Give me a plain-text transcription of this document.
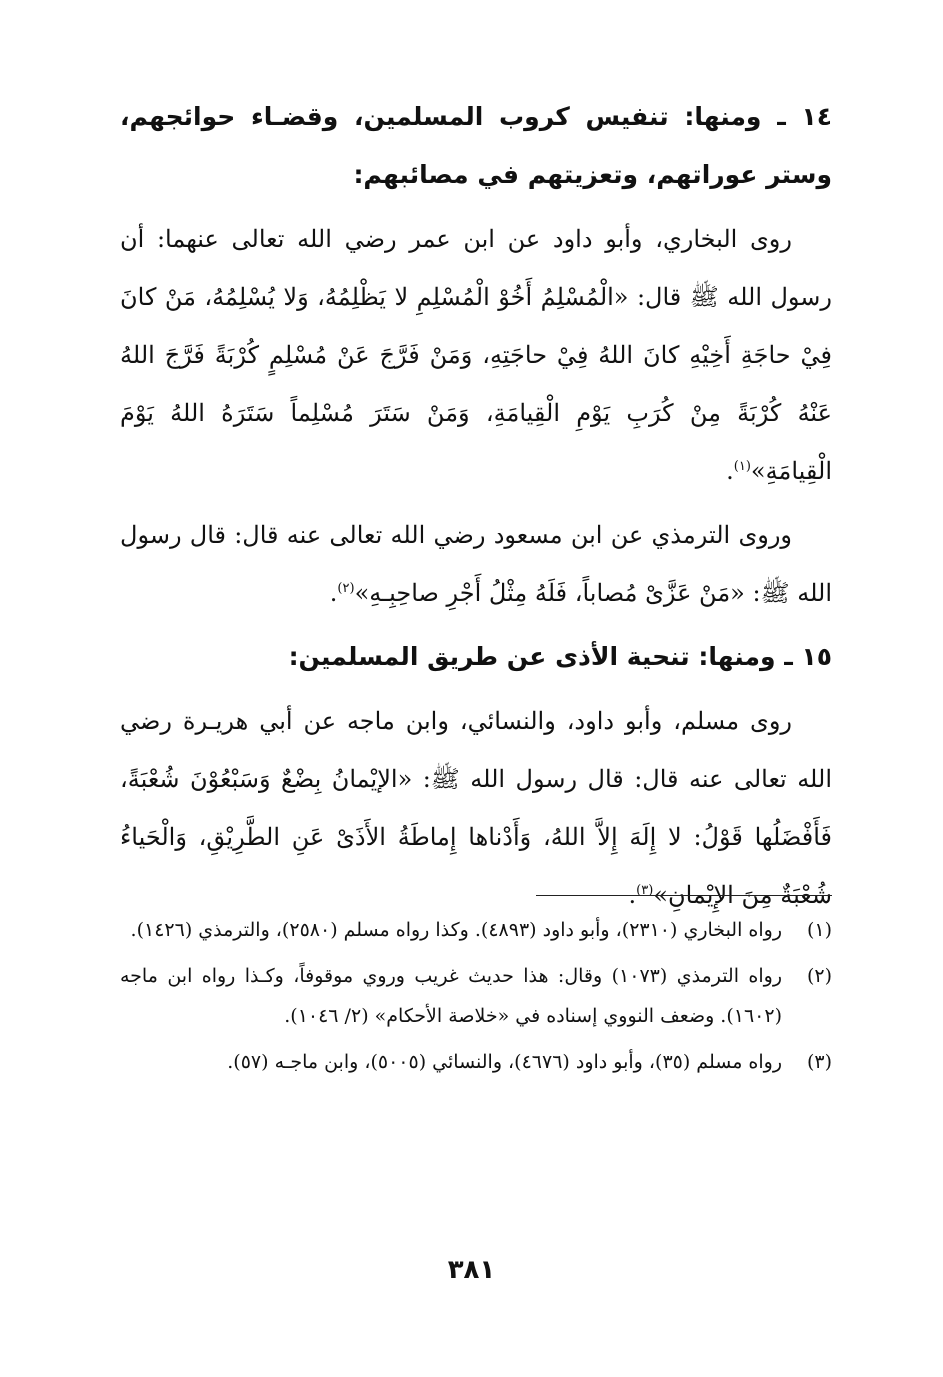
١٤ ـ ومنها: تنفيس كروب المسلمين، وقضـاء حوائجهم، وستر عوراتهم، وتعزيتهم في مصائبهم:

روى البخاري، وأبو داود عن ابن عمر رضي الله تعالى عنهما: أن رسول الله ﷺ قال: «الْمُسْلِمُ أَخُوْ الْمُسْلِمِ لا يَظْلِمُهُ، وَلا يُسْلِمُهُ، مَنْ كانَ فِيْ حاجَةِ أَخِيْهِ كانَ اللهُ فِيْ حاجَتِهِ، وَمَنْ فَرَّجَ عَنْ مُسْلِمٍ كُرْبَةً فَرَّجَ اللهُ عَنْهُ كُرْبَةً مِنْ كُرَبِ يَوْمِ الْقِيامَةِ، وَمَنْ سَتَرَ مُسْلِماً سَتَرَهُ اللهُ يَوْمَ الْقِيامَةِ»$^{(١)}$.

وروى الترمذي عن ابن مسعود رضي الله تعالى عنه قال: قال رسول الله ﷺ: «مَنْ عَزَّىْ مُصاباً، فَلَهُ مِثْلُ أَجْرِ صاحِبِـهِ»$^{(٢)}$.

١٥ ـ ومنها: تنحية الأذى عن طريق المسلمين:

روى مسلم، وأبو داود، والنسائي، وابن ماجه عن أبي هريـرة رضي الله تعالى عنه قال: قال رسول الله ﷺ: «الإيْمانُ بِضْعٌ وَسَبْعُوْنَ شُعْبَةً، فَأَفْضَلُها قَوْلُ: لا إِلَهَ إِلاَّ اللهُ، وَأَدْناها إِماطَةُ الأَذَىْ عَنِ الطَّرِيْقِ، وَالْحَياءُ شُعْبَةٌ مِنَ الإِيْمانِ»$^{(٣)}$.

(١)
رواه البخاري (٢٣١٠)، وأبو داود (٤٨٩٣). وكذا رواه مسلم (٢٥٨٠)، والترمذي (١٤٢٦).
(٢)
رواه الترمذي (١٠٧٣) وقال: هذا حديث غريب وروي موقوفاً، وكـذا رواه ابن ماجه (١٦٠٢). وضعف النووي إسناده في «خلاصة الأحكام» (٢/ ١٠٤٦).
(٣)
رواه مسلم (٣٥)، وأبو داود (٤٦٧٦)، والنسائي (٥٠٠٥)، وابن ماجـه (٥٧).
٣٨١
